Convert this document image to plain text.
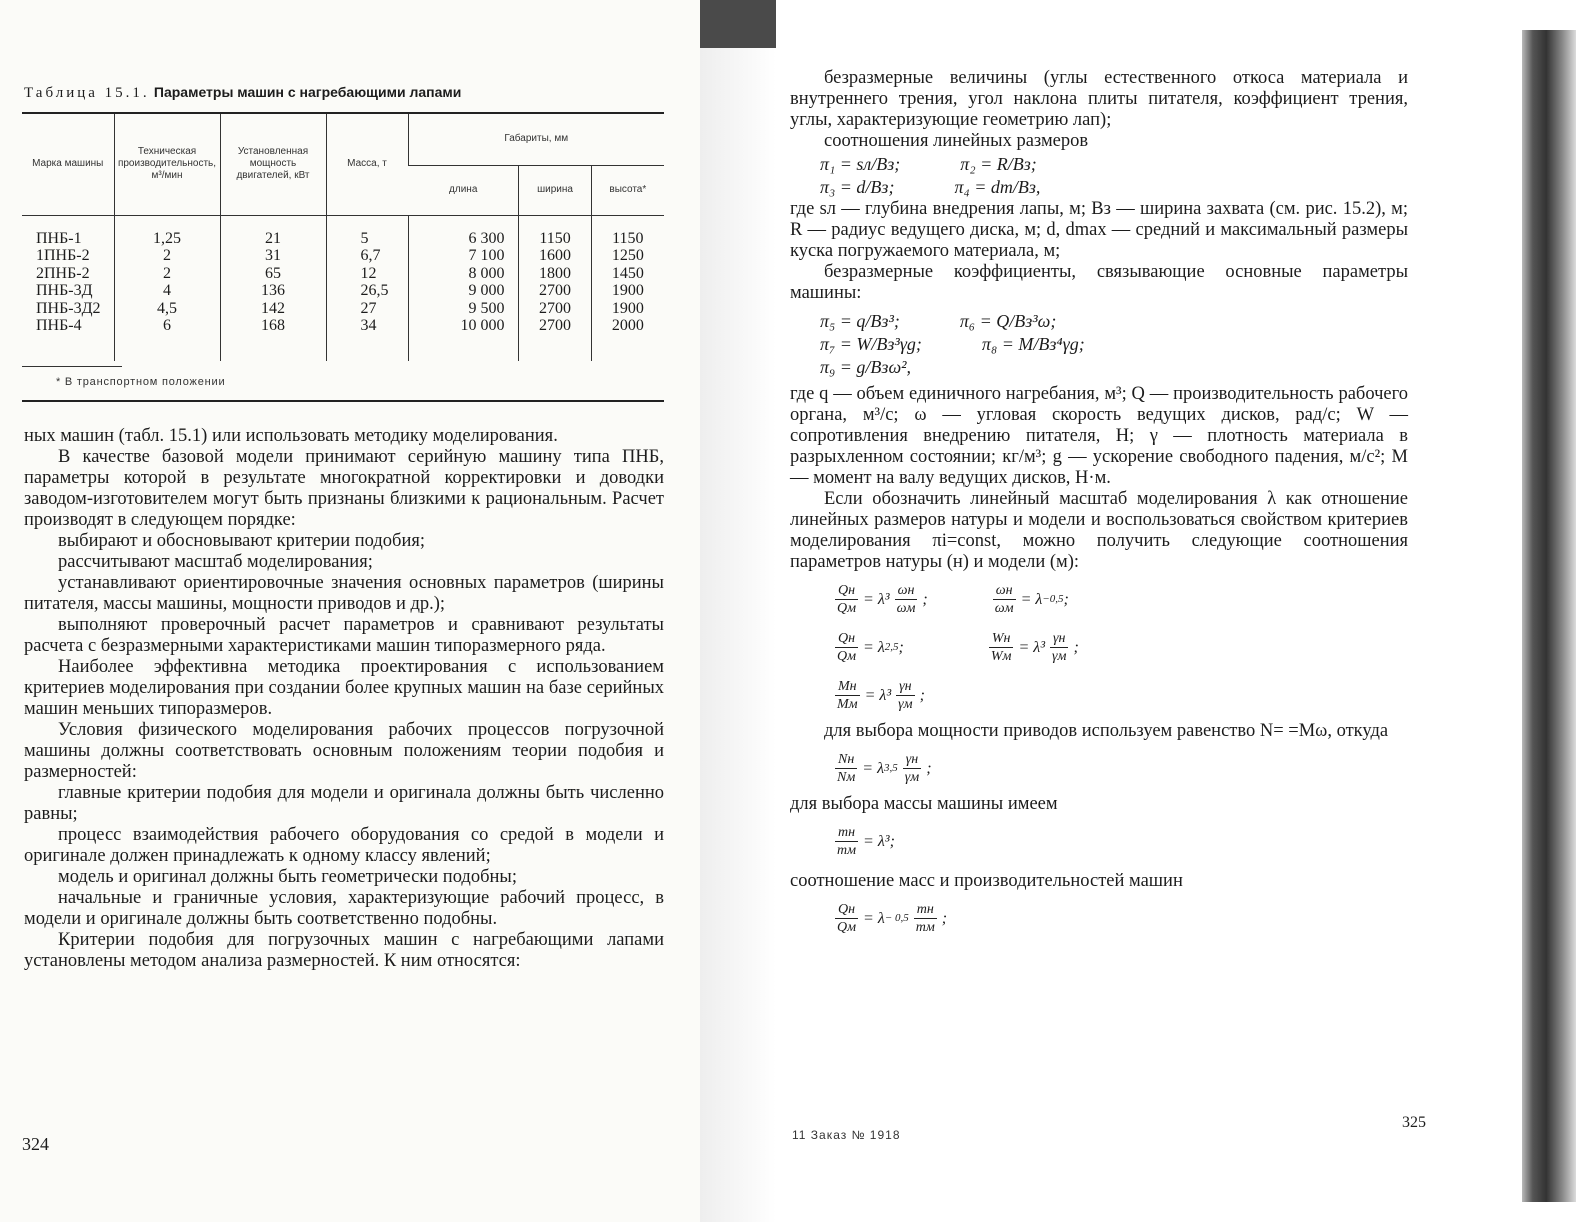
Таблица 15.1. Параметры машин с нагребающими лапами
Марка машины	Техническая производительность, м³/мин	Установленная мощность двигателей, кВт	Масса, т	Габариты, мм		
				длина	ширина	высота*
ПНБ-1	1,25	21	5	6 300	1150	1150
1ПНБ-2	2	31	6,7	7 100	1600	1250
2ПНБ-2	2	65	12	8 000	1800	1450
ПНБ-3Д	4	136	26,5	9 000	2700	1900
ПНБ-3Д2	4,5	142	27	9 500	2700	1900
ПНБ-4	6	168	34	10 000	2700	2000
* В транспортном положении

ных машин (табл. 15.1) или использовать методику моделирования.

В качестве базовой модели принимают серийную машину типа ПНБ, параметры которой в результате многократной корректировки и доводки заводом-изготовителем могут быть признаны близкими к рациональным. Расчет производят в следующем порядке:

выбирают и обосновывают критерии подобия;

рассчитывают масштаб моделирования;

устанавливают ориентировочные значения основных параметров (ширины питателя, массы машины, мощности приводов и др.);

выполняют проверочный расчет параметров и сравнивают результаты расчета с безразмерными характеристиками машин типоразмерного ряда.

Наиболее эффективна методика проектирования с использованием критериев моделирования при создании более крупных машин на базе серийных машин меньших типоразмеров.

Условия физического моделирования рабочих процессов погрузочной машины должны соответствовать основным положениям теории подобия и размерностей:

главные критерии подобия для модели и оригинала должны быть численно равны;

процесс взаимодействия рабочего оборудования со средой в модели и оригинале должен принадлежать к одному классу явлений;

модель и оригинал должны быть геометрически подобны;

начальные и граничные условия, характеризующие рабочий процесс, в модели и оригинале должны быть соответственно подобны.

Критерии подобия для погрузочных машин с нагребающими лапами установлены методом анализа размерностей. К ним относятся:

324

безразмерные величины (углы естественного откоса материала и внутреннего трения, угол наклона плиты питателя, коэффициент трения, углы, характеризующие геометрию лап);

соотношения линейных размеров

π₁ = sл/Bз;	π₂ = R/Bз;
π₃ = d/Bз;	π₄ = dm/Bз,

где sл — глубина внедрения лапы, м; Bз — ширина захвата (см. рис. 15.2), м; R — радиус ведущего диска, м; d, dmax — средний и максимальный размеры куска погружаемого материала, м;

безразмерные коэффициенты, связывающие основные параметры машины:

π₅ = q/Bз³;	π₆ = Q/Bз³ω;
π₇ = W/Bз³γg;	π₈ = M/Bз⁴γg;
π₉ = g/Bзω²,

где q — объем единичного нагребания, м³; Q — производительность рабочего органа, м³/с; ω — угловая скорость ведущих дисков, рад/с; W — сопротивления внедрению питателя, Н; γ — плотность материала в разрыхленном состоянии; кг/м³; g — ускорение свободного падения, м/с²; M — момент на валу ведущих дисков, Н·м.

Если обозначить линейный масштаб моделирования λ как отношение линейных размеров натуры и модели и воспользоваться свойством критериев моделирования πi=const, можно получить следующие соотношения параметров натуры (н) и модели (м):

$\frac{Qн}{Qм} = \lambda^3 \frac{\omega н}{\omega м}$ ;	$\frac{\omega н}{\omega м} = \lambda -0,5$ ;
$\frac{Qн}{Qм} = \lambda$ 2,5 ;	$\frac{Wн}{Wм} = \lambda^3 \frac{\gamma н}{\gamma м}$ ;
$\frac{Mн}{Mм} = \lambda^3 \frac{\gamma н}{\gamma м}$ ;

для выбора мощности приводов используем равенство N= =Mω, откуда

$\frac{Nн}{Nм} = \lambda$ $3,5 \frac{\gamma н}{\gamma м}$ ;

для выбора массы машины имеем

$\frac{mн}{mм} = \lambda^3$;

соотношение масс и производительностей машин

$\frac{Qн}{Qм} = \lambda - 0,5 \frac{mн}{mм}$ ;
11 Заказ № 1918
325
